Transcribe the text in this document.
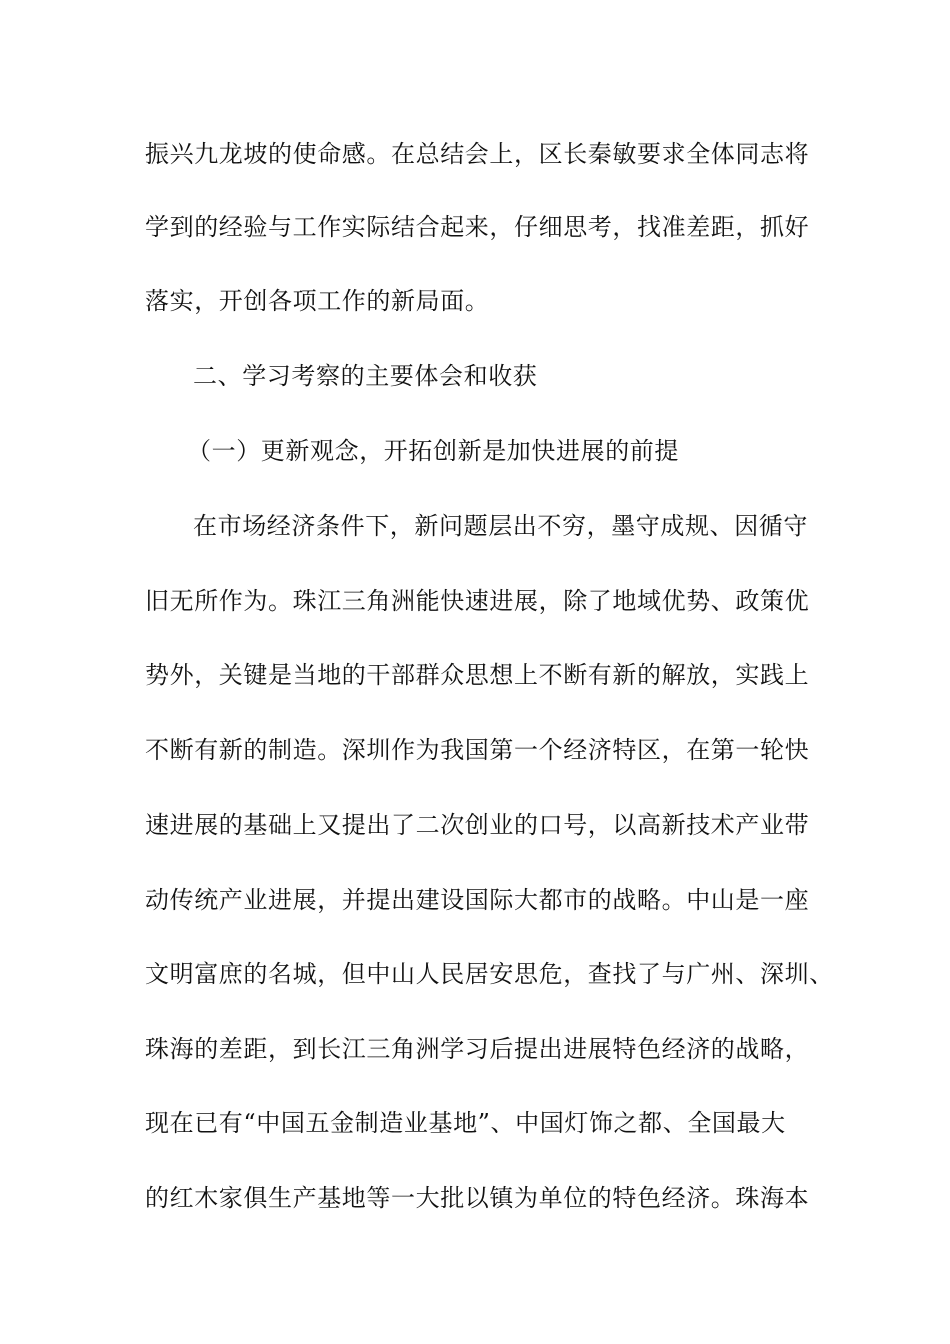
振兴九龙坡的使命感。在总结会上，区长秦敏要求全体同志将
学到的经验与工作实际结合起来，仔细思考，找准差距，抓好
落实，开创各项工作的新局面。
二、学习考察的主要体会和收获
（一）更新观念，开拓创新是加快进展的前提
在市场经济条件下，新问题层出不穷，墨守成规、因循守
旧无所作为。珠江三角洲能快速进展，除了地域优势、政策优
势外，关键是当地的干部群众思想上不断有新的解放，实践上
不断有新的制造。深圳作为我国第一个经济特区，在第一轮快
速进展的基础上又提出了二次创业的口号，以高新技术产业带
动传统产业进展，并提出建设国际大都市的战略。中山是一座
文明富庶的名城，但中山人民居安思危，查找了与广州、深圳、
珠海的差距，到长江三角洲学习后提出进展特色经济的战略，
现在已有“中国五金制造业基地”、中国灯饰之都、全国最大
的红木家俱生产基地等一大批以镇为单位的特色经济。珠海本
